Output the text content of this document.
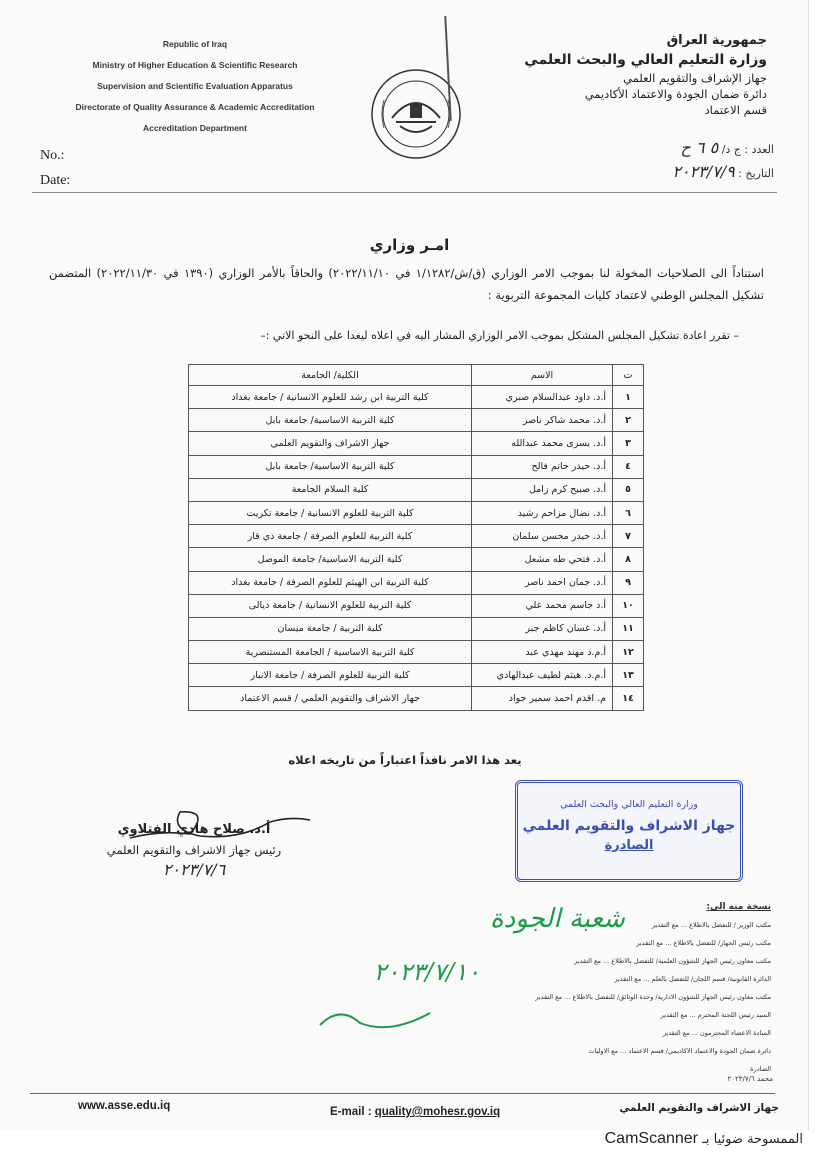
Republic of Iraq
Ministry of Higher Education & Scientific Research
Supervision and Scientific Evaluation Apparatus
Directorate of Quality Assurance & Academic Accreditation
Accreditation Department
جمهورية العراق
وزارة التعليم العالي والبحث العلمي
جهاز الإشراف والتقويم العلمي
دائرة ضمان الجودة والاعتماد الأكاديمي
قسم الاعتماد
No.:
Date:
العدد : ج د/ ٥ ٦ ح
التاريخ : ٢٠٢٣/٧/٩
امـر وزاري
استناداً الى الصلاحيات المخولة لنا بموجب الامر الوزاري (ق/ش/١/١٢٨٢ في ٢٠٢٢/١١/١٠) والحاقاً بالأمر الوزاري (١٣٩٠ في ٢٠٢٢/١١/٣٠) المتضمن تشكيل المجلس الوطني لاعتماد كليات المجموعة التربوية :
– تقرر اعادة تشكيل المجلس المشكل بموجب الامر الوزاري المشار اليه في اعلاه ليغدا على النحو الاتي :–
ت	الاسم	الكلية/ الجامعة
١	أ.د. داود عبدالسلام صبري	كلية التربية ابن رشد للعلوم الانسانية / جامعة بغداد
٢	أ.د. محمد شاكر ناصر	كلية التربية الاساسية/ جامعة بابل
٣	أ.د. يسرى محمد عبدالله	جهاز الاشراف والتقويم العلمي
٤	أ.د. حيدر حاتم فالح	كلية التربية الاساسية/ جامعة بابل
٥	أ.د. صبيح كرم زامل	كلية السلام الجامعة
٦	أ.د. نضال مزاحم رشيد	كلية التربية للعلوم الانسانية / جامعة تكريت
٧	أ.د. حيدر محسن سلمان	كلية التربية للعلوم الصرفة / جامعة ذي قار
٨	أ.د. فتحي طه مشعل	كلية التربية الاساسية/ جامعة الموصل
٩	أ.د. جمان احمد ناصر	كلية التربية ابن الهيثم للعلوم الصرفة / جامعة بغداد
١٠	أ.د جاسم محمد علي	كلية التربية للعلوم الانسانية / جامعة ديالى
١١	أ.د. غسان كاظم جبر	كلية التربية / جامعة ميسان
١٢	أ.م.د مهند مهدي عبد	كلية التربية الاساسية / الجامعة المستنصرية
١٣	أ.م.د. هيثم لطيف عبدالهادي	كلية التربية للعلوم الصرفة / جامعة الانبار
١٤	م. اقدم احمد سمير جواد	جهاز الاشراف والتقويم العلمي / قسم الاعتماد
يعد هذا الامر نافذاً اعتباراً من تاريخه اعلاه
أ.د. صلاح هادي الفتلاوي
رئيس جهاز الاشراف والتقويم العلمي
٢٠٢٣/٧/٦
وزارة التعليم العالي والبحث العلمي
جهاز الاشراف والتقويم العلمي
الصادرة
شعبة الجودة
٢٠٢٣/٧/١٠
نسخة منه الى:
مكتب الوزير / للتفضل بالاطلاع ... مع التقدير
مكتب رئيس الجهاز/ للتفضل بالاطلاع ... مع التقدير
مكتب معاون رئيس الجهاز للشؤون العلمية/ للتفضل بالاطلاع ... مع التقدير
الدائرة القانونية/ قسم اللجان/ للتفضل بالعلم ... مع التقدير
مكتب معاون رئيس الجهاز للشؤون الادارية/ وحدة الوثائق/ للتفضل بالاطلاع ... مع التقدير
السيد رئيس اللجنة المحترم ... مع التقدير
السادة الاعضاء المحترمون ... مع التقدير
دائرة ضمان الجودة والاعتماد الاكاديمي/ قسم الاعتماد ... مع الاوليات
الصادرة
محمد ٢٠٢٣/٧/٦
www.asse.edu.iq	E-mail : quality@mohesr.gov.iq	جهاز الاشراف والتقويم العلمي
الممسوحة ضوئيا بـ CamScanner
